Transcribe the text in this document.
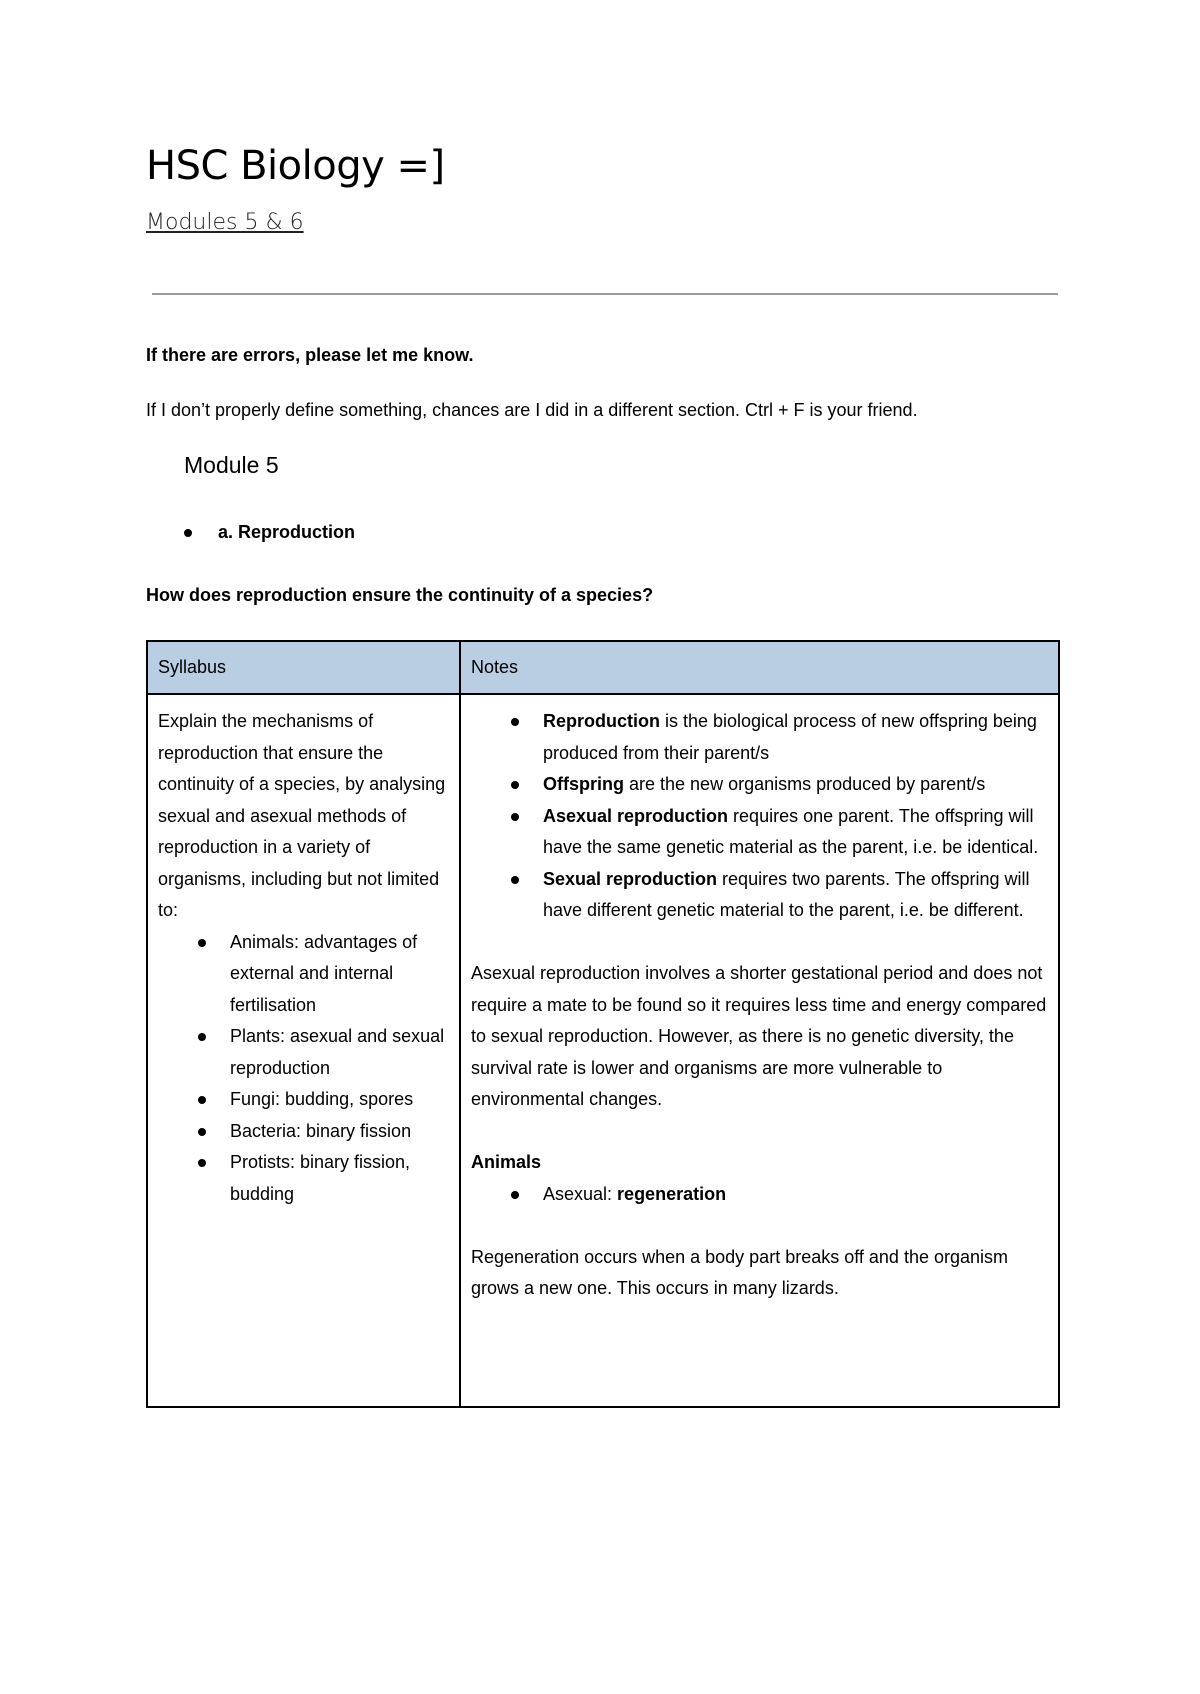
HSC Biology =]
Modules 5 & 6
If there are errors, please let me know.
If I don’t properly define something, chances are I did in a different section. Ctrl + F is your friend.
Module 5
a. Reproduction
How does reproduction ensure the continuity of a species?
Syllabus	Notes
Explain the mechanisms of reproduction that ensure the continuity of a species, by analysing sexual and asexual methods of reproduction in a variety of organisms, including but not limited to:
Animals: advantages of external and internal fertilisation
Plants: asexual and sexual reproduction
Fungi: budding, spores
Bacteria: binary fission
Protists: binary fission, budding
Reproduction is the biological process of new offspring being produced from their parent/s
Offspring are the new organisms produced by parent/s
Asexual reproduction requires one parent. The offspring will have the same genetic material as the parent, i.e. be identical.
Sexual reproduction requires two parents. The offspring will have different genetic material to the parent, i.e. be different.
Asexual reproduction involves a shorter gestational period and does not require a mate to be found so it requires less time and energy compared to sexual reproduction. However, as there is no genetic diversity, the survival rate is lower and organisms are more vulnerable to environmental changes.
Animals
Asexual: regeneration
Regeneration occurs when a body part breaks off and the organism grows a new one. This occurs in many lizards.
